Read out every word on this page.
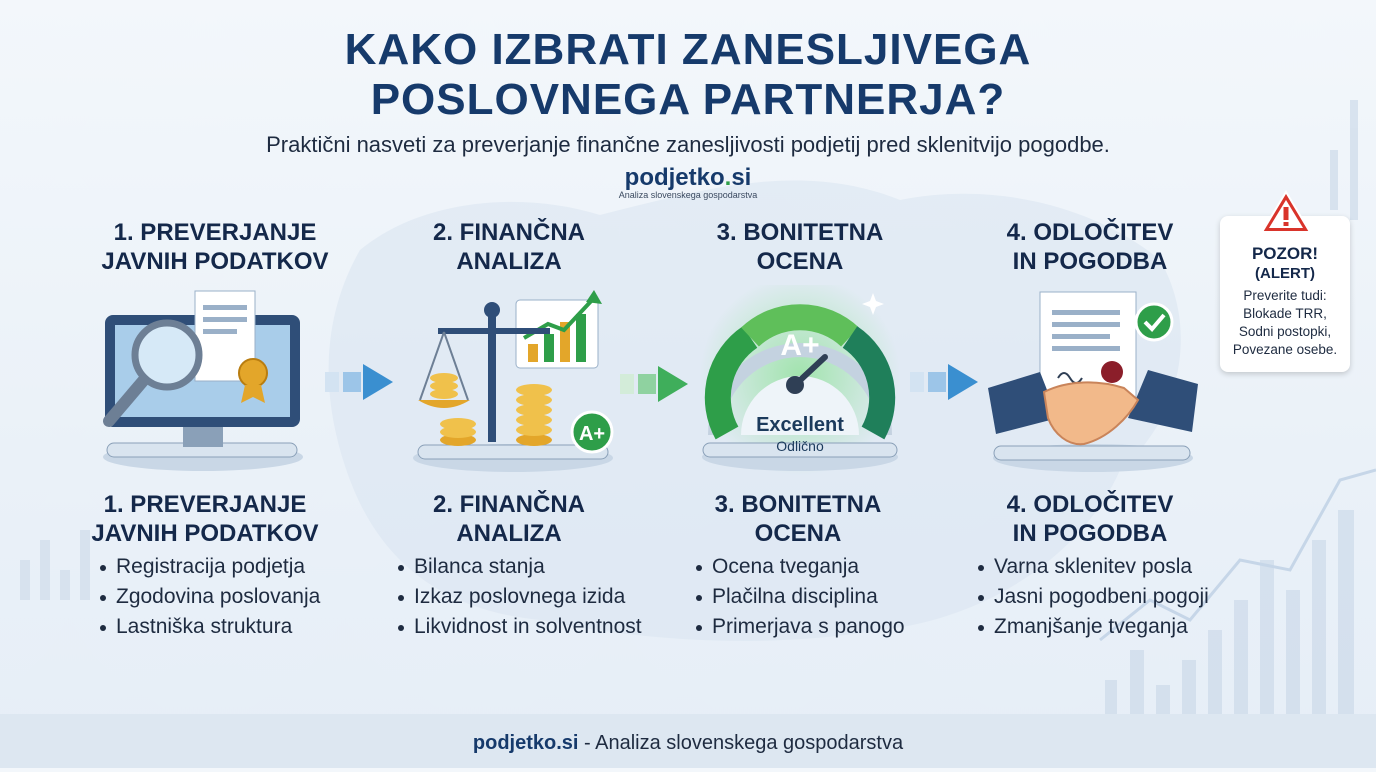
KAKO IZBRATI ZANESLJIVEGA
POSLOVNEGA PARTNERJA?
Praktični nasveti za preverjanje finančne zanesljivosti podjetij pred sklenitvijo pogodbe.
podjetko.si
Analiza slovenskega gospodarstva
1. PREVERJANJE
JAVNIH PODATKOV
2. FINANČNA
ANALIZA
3. BONITETNA
OCENA
4. ODLOČITEV
IN POGODBA
A+
A+
Excellent
Odlično
1. PREVERJANJE
JAVNIH PODATKOV
2. FINANČNA
ANALIZA
3. BONITETNA
OCENA
4. ODLOČITEV
IN POGODBA
Registracija podjetja
Zgodovina poslovanja
Lastniška struktura
Bilanca stanja
Izkaz poslovnega izida
Likvidnost in solventnost
Ocena tveganja
Plačilna disciplina
Primerjava s panogo
Varna sklenitev posla
Jasni pogodbeni pogoji
Zmanjšanje tveganja
POZOR!
(ALERT)
Preverite tudi:
Blokade TRR,
Sodni postopki,
Povezane osebe.
podjetko.si - Analiza slovenskega gospodarstva
